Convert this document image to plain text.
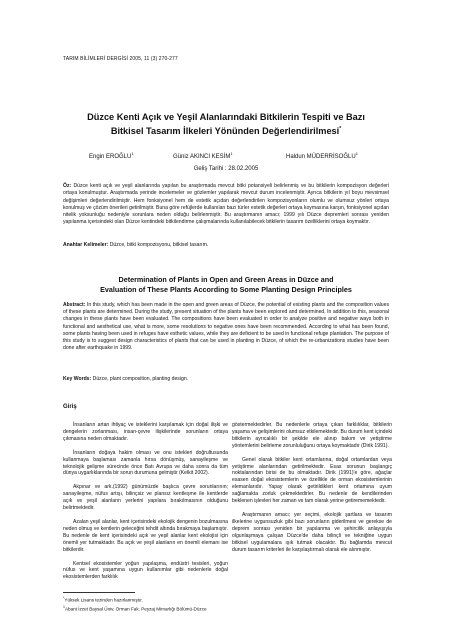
TARIM BİLİMLERİ DERGİSİ 2005, 11 (3) 270-277
Düzce Kenti Açık ve Yeşil Alanlarındaki Bitkilerin Tespiti ve Bazı
Bitkisel Tasarım İlkeleri Yönünden Değerlendirilmesi*
Engin EROĞLU$^1$
Güniz AKINCI KESİM$^1$
Haldun MÜDERRİSOĞLU$^1$
Geliş Tarihi : 28.02.2005
Öz: Düzce kenti açık ve yeşil alanlarında yapılan bu araştırmada mevcut bitki potansiyeli belirlenmiş ve bu bitkilerin kompozisyon değerleri ortaya konulmuştur. Araştırmada yerinde incelemeler ve gözlemler yapılarak mevcut durum incelenmiştir. Ayrıca bitkilerin yıl boyu mevsimsel değişimleri değerlendirilmiştir. Hem fonksiyonel hem de estetik açıdan değerlendirilen kompozisyonların olumlu ve olumsuz yönleri ortaya konulmuş ve çözüm önerileri getirilmiştir. Buna göre refüjlerde kullanılan bazı türler estetik değerleri ortaya koymasına karşın, fonksiyonel açıdan nitelik yoksunluğu nedeniyle sorunlara neden olduğu belirlenmiştir. Bu araştırmanın amacı; 1999 yılı Düzce depremleri sonrası yeniden yapılanma içerisindeki olan Düzce kentindeki bitkilendirme çalışmalarında kullanılabilecek bitkilerin tasarım özelliklerini ortaya koymaktır.
Anahtar Kelimeler: Düzce, bitki kompozisyonu, bitkisel tasarım.
Determination of Plants in Open and Green Areas in Düzce and
Evaluation of These Plants According to Some Planting Design Principles
Abstract: In this study, which has been made in the open and green areas of Düzce, the potential of existing plants and the composition values of these plants are determined. During the study, present situation of the plants have been explored and determined. In addition to this, seasonal changes in these plants have been evaluated. The compositions have been evaluated in order to analyze positive and negative ways both in functional and aesthetical use, what is more, some resolutions to negative ones have been recommended. According to what has been found, some plants having been used in refuges have esthetic values, while they are deficient to be used in functional refuge plantation. The purpose of this study is to suggest design characteristics of plants that can be used in planting in Düzce, of which the re-urbanizations studies have been done after earthquake in 1999.
Key Words: Düzce, plant composition, planting design.
Giriş

İnsanların artan ihtiyaç ve isteklerini karşılamak için doğal ilişki ve dengelerin zorlanması, insan-çevre ilişkilerinde sorunların ortaya çıkmasına neden olmaktadır.

İnsanların doğaya hakim olması ve onu istekleri doğrultusunda kullanmaya başlaması zamanla hırsa dönüşmüş, sanayileşme ve teknolojik gelişme sürecinde önce Batı Avrupa ve daha sonra da tüm dünya uygarlıklarında bir sorun durumuna gelmiştir (Kelkit 2002).

Akpınar ve ark.(1992) günümüzde başlıca çevre sorunlarının; sanayileşme, nüfus artışı, bilinçsiz ve plansız kentleşme ile kentlerde açık ve yeşil alanların yerlerini yapılara bırakılmasının olduğunu belirtmektedir.

Azalan yeşil alanlar, kent içerisindeki ekolojik dengenin bozulmasına neden olmuş ve kentlerin geleceğini tehdit altında bırakmaya başlamıştır. Bu nedenle de kent içerisindeki açık ve yeşil alanlar kent ekolojisi için önemli yer tutmaktadır. Bu açık ve yeşil alanların en önemli elemanı ise bitkilerdir.

Kentsel ekosistemler yoğun yapılaşma, endüstri tesisleri, yoğun nüfus ve kent yaşamına uygun kullanımlar gibi nedenlerle doğal ekosistemlerden farklılık

göstermektedirler. Bu nedenlerle ortaya çıkan farklılıklar, bitkilerin yaşama ve gelişimlerini olumsuz etkilemektedir. Bu durum kent içindeki bitkilerin ayrıcalıklı bir şekilde ele alınıp bakım ve yetiştirme yöntemlerini belirleme zorunluluğunu ortaya koymaktadır (Dirik 1991).

Genel olarak bitkiler kent ortamlarına, doğal ortamlardan veya yetiştirme alanlarından getirilmektedir. Esas sorunun başlangıç noktalarından birisi de bu olmaktadır. Dirik (1991)'e göre, ağaçlar esasen doğal ekosistemlerin ve özellikle de orman ekosistemlerinin elemanlarıdır. Yapay olarak getirildikleri kent ortamına uyum sağlamakta zorluk çekmektedirler. Bu nedenle de kendilerinden beklenen işlevleri her zaman ve tam olarak yerine getirememektedir.

Araştırmanın amacı; yer seçimi, ekolojik şartlara ve tasarım ilkelerine uygunsuzluk gibi bazı sorunların giderilmesi ve gerekse de deprem sonrası yeniden bir yapılanma ve şehircilik anlayışıyla olgunlaşmaya çalışan Düzce'de daha bilinçli ve tekniğine uygun bitkisel uygulamalara ışık tutmak olacaktır. Bu bağlamda mevcut durum tasarım kriterleri ile karşılaştırmalı olarak ele alınmıştır.

*Yüksek Lisans tezinden hazırlanmıştır.
$^1$Abant İzzet Baysal Üniv. Orman Fak. Peyzaj Mimarlığı Bölümü-Düzce
